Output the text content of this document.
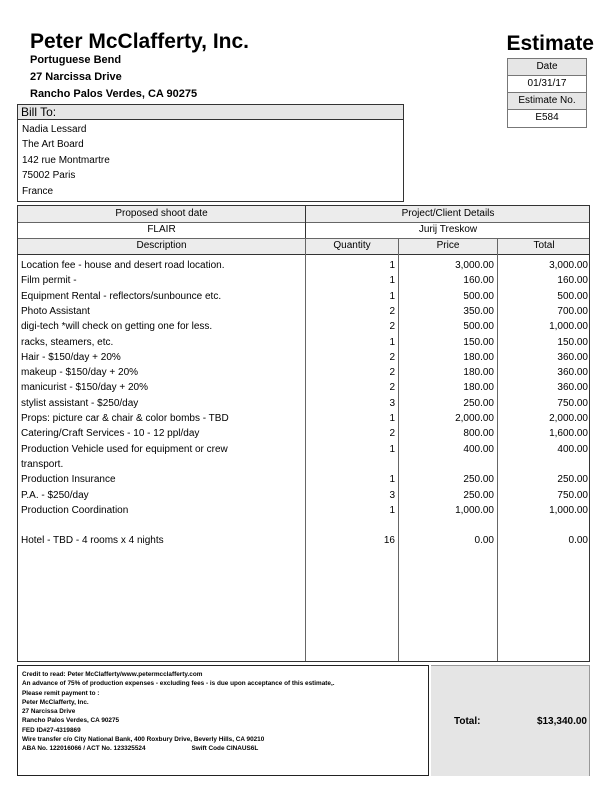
Peter McClafferty, Inc.
Portuguese Bend
27 Narcissa Drive
Rancho Palos Verdes, CA 90275
Estimate
Date
01/31/17
Estimate No.
E584
Bill To:
Nadia Lessard
The Art Board
142 rue Montmartre
75002 Paris
France
Proposed shoot date	Project/Client Details
FLAIR	Jurij Treskow
Description	Quantity	Price	Total
Location fee - house and desert road location.	1	3,000.00	3,000.00
Film permit -	1	160.00	160.00
Equipment Rental - reflectors/sunbounce etc.	1	500.00	500.00
Photo Assistant	2	350.00	700.00
digi-tech *will check on getting one for less.	2	500.00	1,000.00
racks, steamers, etc.	1	150.00	150.00
Hair - $150/day + 20%	2	180.00	360.00
makeup - $150/day + 20%	2	180.00	360.00
manicurist - $150/day + 20%	2	180.00	360.00
stylist assistant - $250/day	3	250.00	750.00
Props: picture car & chair & color bombs - TBD	1	2,000.00	2,000.00
Catering/Craft Services - 10 - 12 ppl/day	2	800.00	1,600.00
Production Vehicle used for equipment or crew	1	400.00	400.00
transport.
Production Insurance	1	250.00	250.00
P.A. - $250/day	3	250.00	750.00
Production Coordination	1	1,000.00	1,000.00
Hotel - TBD - 4 rooms x 4 nights	16	0.00	0.00
Credit to read: Peter McClafferty/www.petermcclafferty.com
An advance of 75% of production expenses - excluding fees - is due upon acceptance of this estimate,.
Please remit payment to :
Peter McClafferty, Inc.
27 Narcissa Drive
Rancho Palos Verdes, CA 90275
FED ID#27-4319869
Wire transfer c/o City National Bank, 400 Roxbury Drive, Beverly Hills, CA 90210
ABA No. 122016066 / ACT No. 123325524	Swift Code CINAUS6L
Total:	$13,340.00
